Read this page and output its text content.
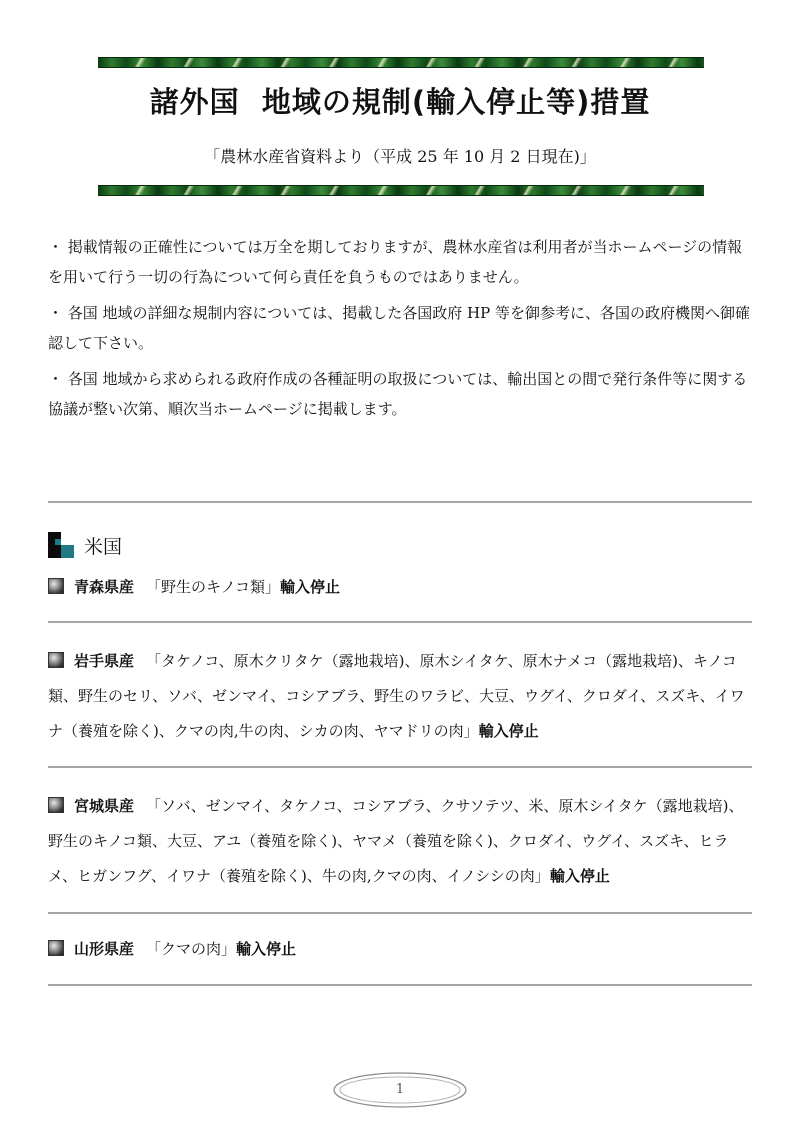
諸外国  地域の規制(輸入停止等)措置
「農林水産省資料より（平成 25 年 10 月 2 日現在)」

・ 掲載情報の正確性については万全を期しておりますが、農林水産省は利用者が当ホームページの情報を用いて行う一切の行為について何ら責任を負うものではありません。

・ 各国 地域の詳細な規制内容については、掲載した各国政府 HP 等を御参考に、各国の政府機関へ御確認して下さい。

・ 各国 地域から求められる政府作成の各種証明の取扱については、輸出国との間で発行条件等に関する協議が整い次第、順次当ホームページに掲載します。

米国
青森県産 「野生のキノコ類」輸入停止
岩手県産 「タケノコ、原木クリタケ（露地栽培)、原木シイタケ、原木ナメコ（露地栽培)、キノコ類、野生のセリ、ソバ、ゼンマイ、コシアブラ、野生のワラビ、大豆、ウグイ、クロダイ、スズキ、イワナ（養殖を除く)、クマの肉,牛の肉、シカの肉、ヤマドリの肉」輸入停止
宮城県産 「ソバ、ゼンマイ、タケノコ、コシアブラ、クサソテツ、米、原木シイタケ（露地栽培)、野生のキノコ類、大豆、アユ（養殖を除く)、ヤマメ（養殖を除く)、クロダイ、ウグイ、スズキ、ヒラメ、ヒガンフグ、イワナ（養殖を除く)、牛の肉,クマの肉、イノシシの肉」輸入停止
山形県産 「クマの肉」輸入停止
1
